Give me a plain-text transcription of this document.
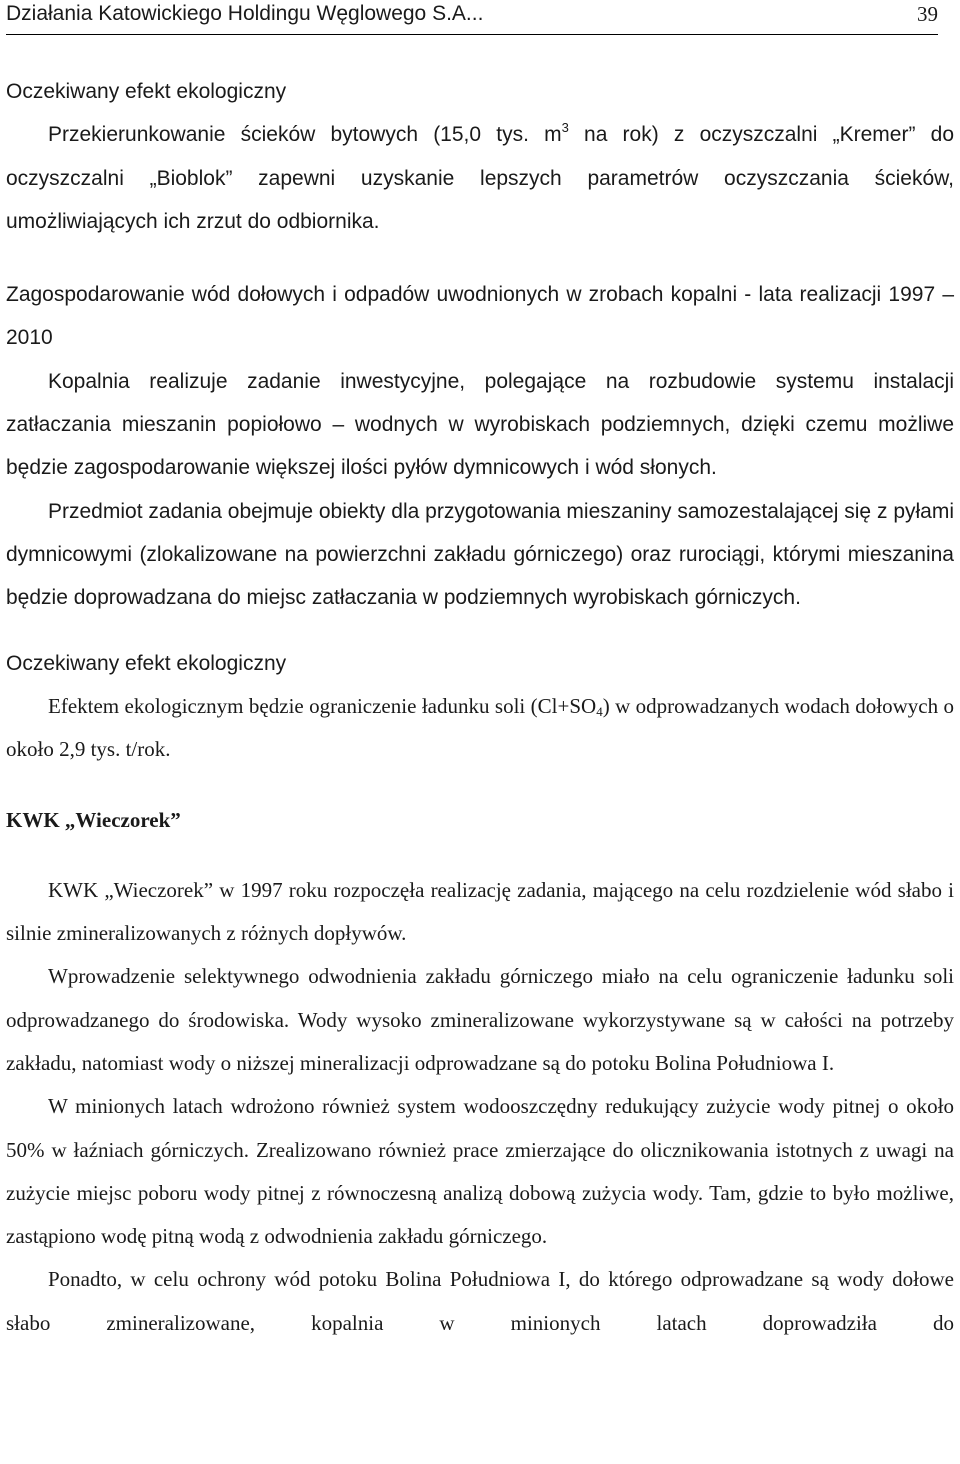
Działania Katowickiego Holdingu Węglowego S.A...	39
Oczekiwany efekt ekologiczny

Przekierunkowanie ścieków bytowych (15,0 tys. $m^3$ na rok) z oczyszczalni „Kremer” do oczyszczalni „Bioblok” zapewni uzyskanie lepszych parametrów oczyszczania ścieków, umożliwiających ich zrzut do odbiornika.

Zagospodarowanie wód dołowych i odpadów uwodnionych w zrobach kopalni - lata realizacji 1997 – 2010

Kopalnia realizuje zadanie inwestycyjne, polegające na rozbudowie systemu instalacji zatłaczania mieszanin popiołowo – wodnych w wyrobiskach podziemnych, dzięki czemu możliwe będzie zagospodarowanie większej ilości pyłów dymnicowych i wód słonych.

Przedmiot zadania obejmuje obiekty dla przygotowania mieszaniny samozestalającej się z pyłami dymnicowymi (zlokalizowane na powierzchni zakładu górniczego) oraz rurociągi, którymi mieszanina będzie doprowadzana do miejsc zatłaczania w podziemnych wyrobiskach górniczych.

Oczekiwany efekt ekologiczny

Efektem ekologicznym będzie ograniczenie ładunku soli $(Cl+SO_4)$ w odprowadzanych wodach dołowych o około 2,9 tys. t/rok.

KWK „Wieczorek”

KWK „Wieczorek” w 1997 roku rozpoczęła realizację zadania, mającego na celu rozdzielenie wód słabo i silnie zmineralizowanych z różnych dopływów.

Wprowadzenie selektywnego odwodnienia zakładu górniczego miało na celu ograniczenie ładunku soli odprowadzanego do środowiska. Wody wysoko zmineralizowane wykorzystywane są w całości na potrzeby zakładu, natomiast wody o niższej mineralizacji odprowadzane są do potoku Bolina Południowa I.

W minionych latach wdrożono również system wodooszczędny redukujący zużycie wody pitnej o około 50% w łaźniach górniczych. Zrealizowano również prace zmierzające do olicznikowania istotnych z uwagi na zużycie miejsc poboru wody pitnej z równoczesną analizą dobową zużycia wody. Tam, gdzie to było możliwe, zastąpiono wodę pitną wodą z odwodnienia zakładu górniczego.

Ponadto, w celu ochrony wód potoku Bolina Południowa I, do którego odprowadzane są wody dołowe słabo zmineralizowane, kopalnia w minionych latach doprowadziła do
